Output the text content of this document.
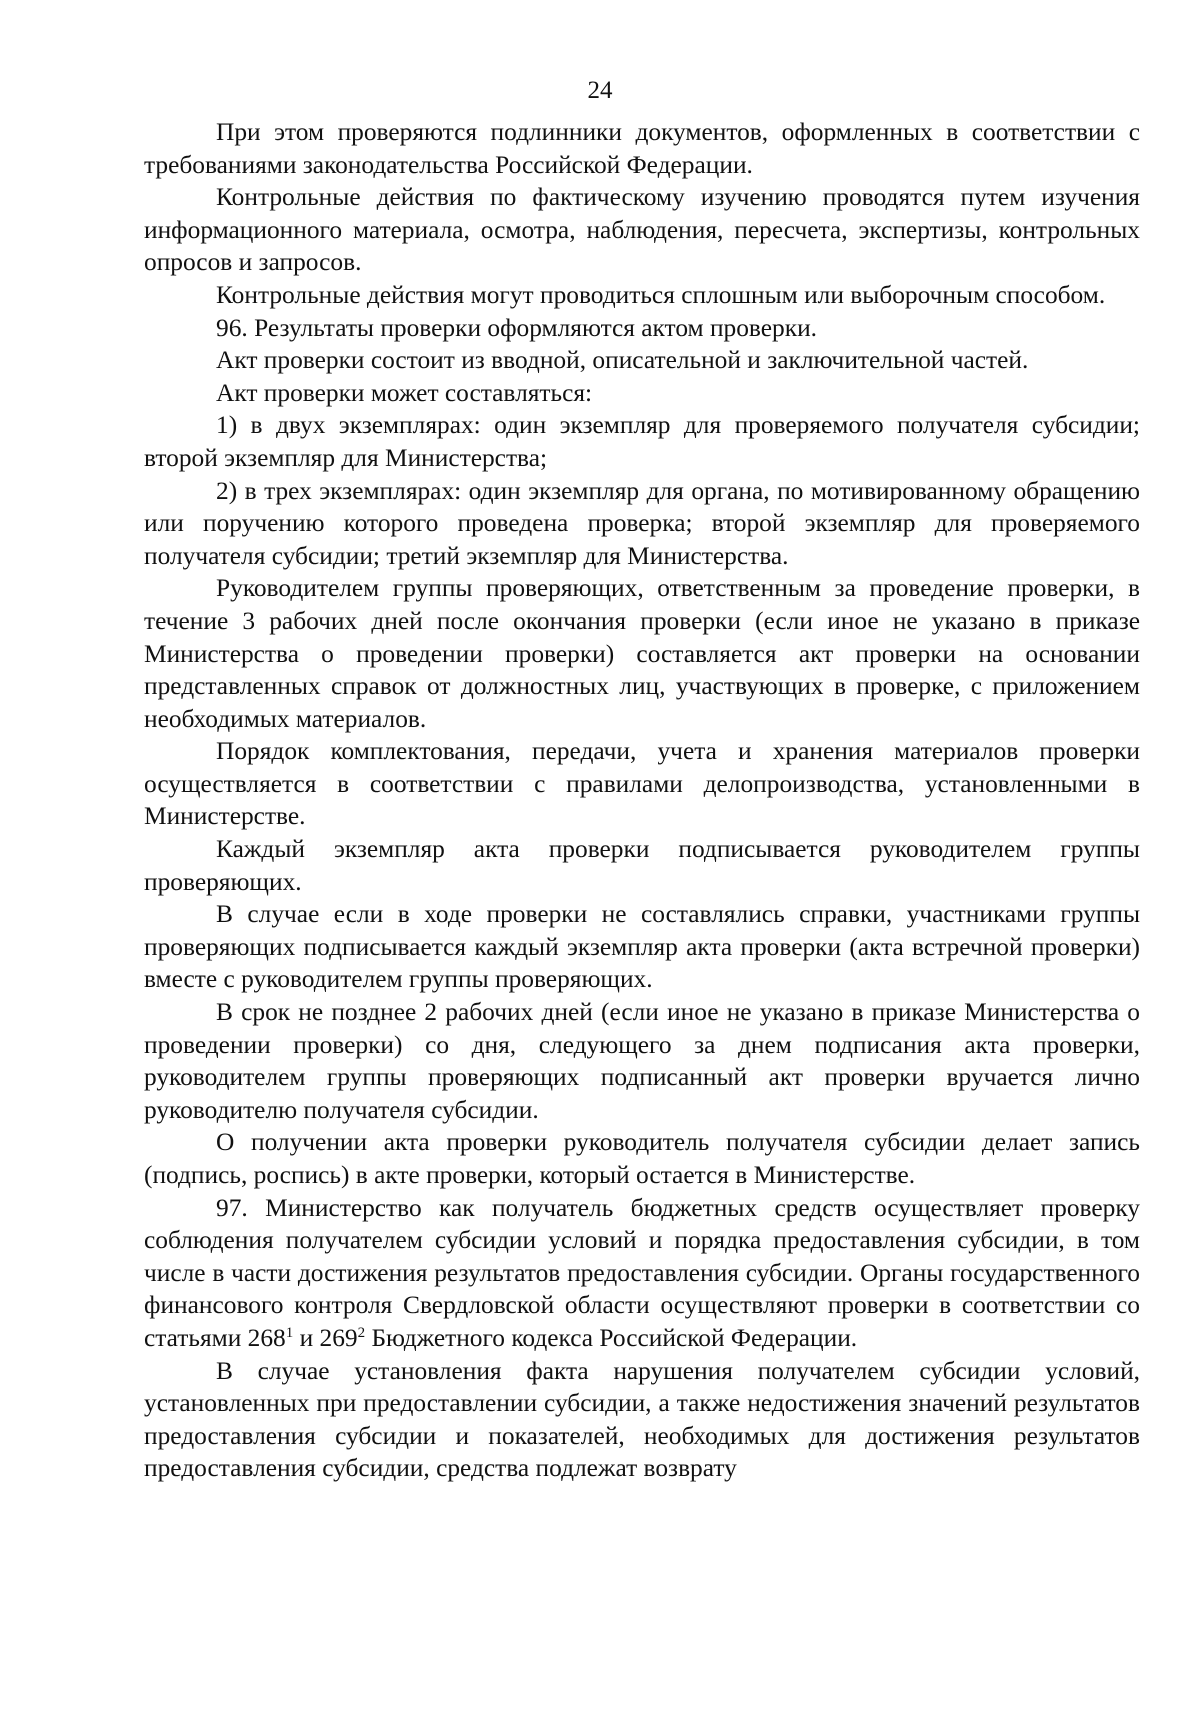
24

При этом проверяются подлинники документов, оформленных в соответствии с требованиями законодательства Российской Федерации.

Контрольные действия по фактическому изучению проводятся путем изучения информационного материала, осмотра, наблюдения, пересчета, экспертизы, контрольных опросов и запросов.

Контрольные действия могут проводиться сплошным или выборочным способом.

96. Результаты проверки оформляются актом проверки.

Акт проверки состоит из вводной, описательной и заключительной частей.

Акт проверки может составляться:

1) в двух экземплярах: один экземпляр для проверяемого получателя субсидии; второй экземпляр для Министерства;

2) в трех экземплярах: один экземпляр для органа, по мотивированному обращению или поручению которого проведена проверка; второй экземпляр для проверяемого получателя субсидии; третий экземпляр для Министерства.

Руководителем группы проверяющих, ответственным за проведение проверки, в течение 3 рабочих дней после окончания проверки (если иное не указано в приказе Министерства о проведении проверки) составляется акт проверки на основании представленных справок от должностных лиц, участвующих в проверке, с приложением необходимых материалов.

Порядок комплектования, передачи, учета и хранения материалов проверки осуществляется в соответствии с правилами делопроизводства, установленными в Министерстве.

Каждый экземпляр акта проверки подписывается руководителем группы проверяющих.

В случае если в ходе проверки не составлялись справки, участниками группы проверяющих подписывается каждый экземпляр акта проверки (акта встречной проверки) вместе с руководителем группы проверяющих.

В срок не позднее 2 рабочих дней (если иное не указано в приказе Министерства о проведении проверки) со дня, следующего за днем подписания акта проверки, руководителем группы проверяющих подписанный акт проверки вручается лично руководителю получателя субсидии.

О получении акта проверки руководитель получателя субсидии делает запись (подпись, роспись) в акте проверки, который остается в Министерстве.

97. Министерство как получатель бюджетных средств осуществляет проверку соблюдения получателем субсидии условий и порядка предоставления субсидии, в том числе в части достижения результатов предоставления субсидии. Органы государственного финансового контроля Свердловской области осуществляют проверки в соответствии со статьями $268^1$ и $269^2$ Бюджетного кодекса Российской Федерации.

В случае установления факта нарушения получателем субсидии условий, установленных при предоставлении субсидии, а также недостижения значений результатов предоставления субсидии и показателей, необходимых для достижения результатов предоставления субсидии, средства подлежат возврату
